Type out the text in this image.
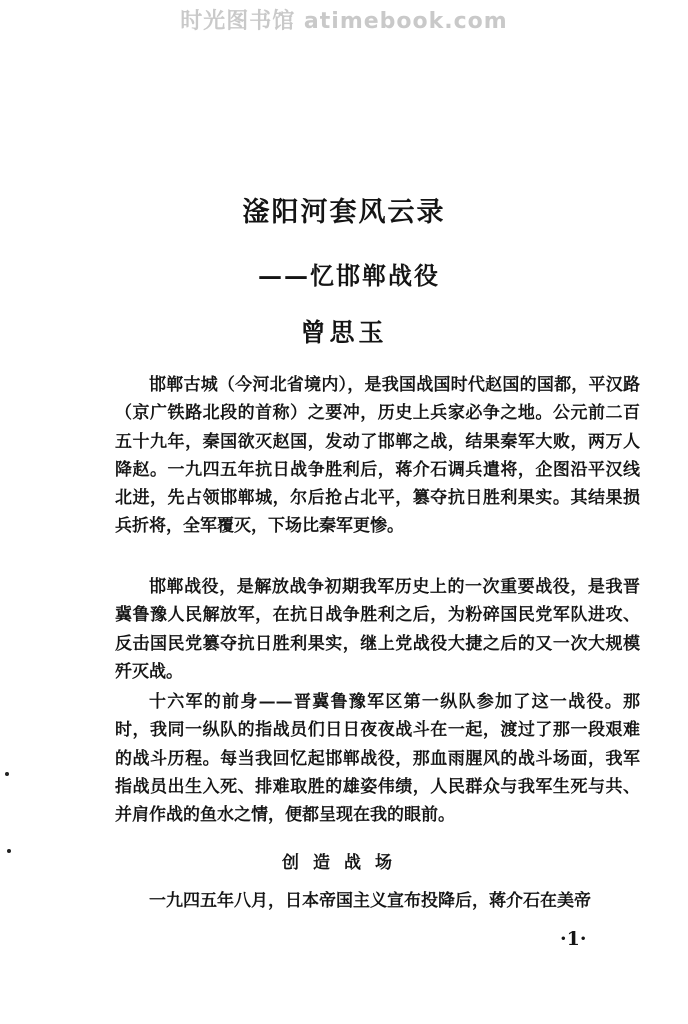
时光图书馆 atimebook.com
滏阳河套风云录
——忆邯郸战役
曾思玉

邯郸古城（今河北省境内），是我国战国时代赵国的国都，平汉路（京广铁路北段的首称）之要冲，历史上兵家必争之地。公元前二百五十九年，秦国欲灭赵国，发动了邯郸之战，结果秦军大败，两万人降赵。一九四五年抗日战争胜利后，蒋介石调兵遣将，企图沿平汉线北进，先占领邯郸城，尔后抢占北平，篡夺抗日胜利果实。其结果损兵折将，全军覆灭，下场比秦军更惨。

邯郸战役，是解放战争初期我军历史上的一次重要战役，是我晋冀鲁豫人民解放军，在抗日战争胜利之后，为粉碎国民党军队进攻、反击国民党篡夺抗日胜利果实，继上党战役大捷之后的又一次大规模歼灭战。

十六军的前身——晋冀鲁豫军区第一纵队参加了这一战役。那时，我同一纵队的指战员们日日夜夜战斗在一起，渡过了那一段艰难的战斗历程。每当我回忆起邯郸战役，那血雨腥风的战斗场面，我军指战员出生入死、排难取胜的雄姿伟绩，人民群众与我军生死与共、并肩作战的鱼水之情，便都呈现在我的眼前。

创造战场

一九四五年八月，日本帝国主义宣布投降后，蒋介石在美帝

·1·
